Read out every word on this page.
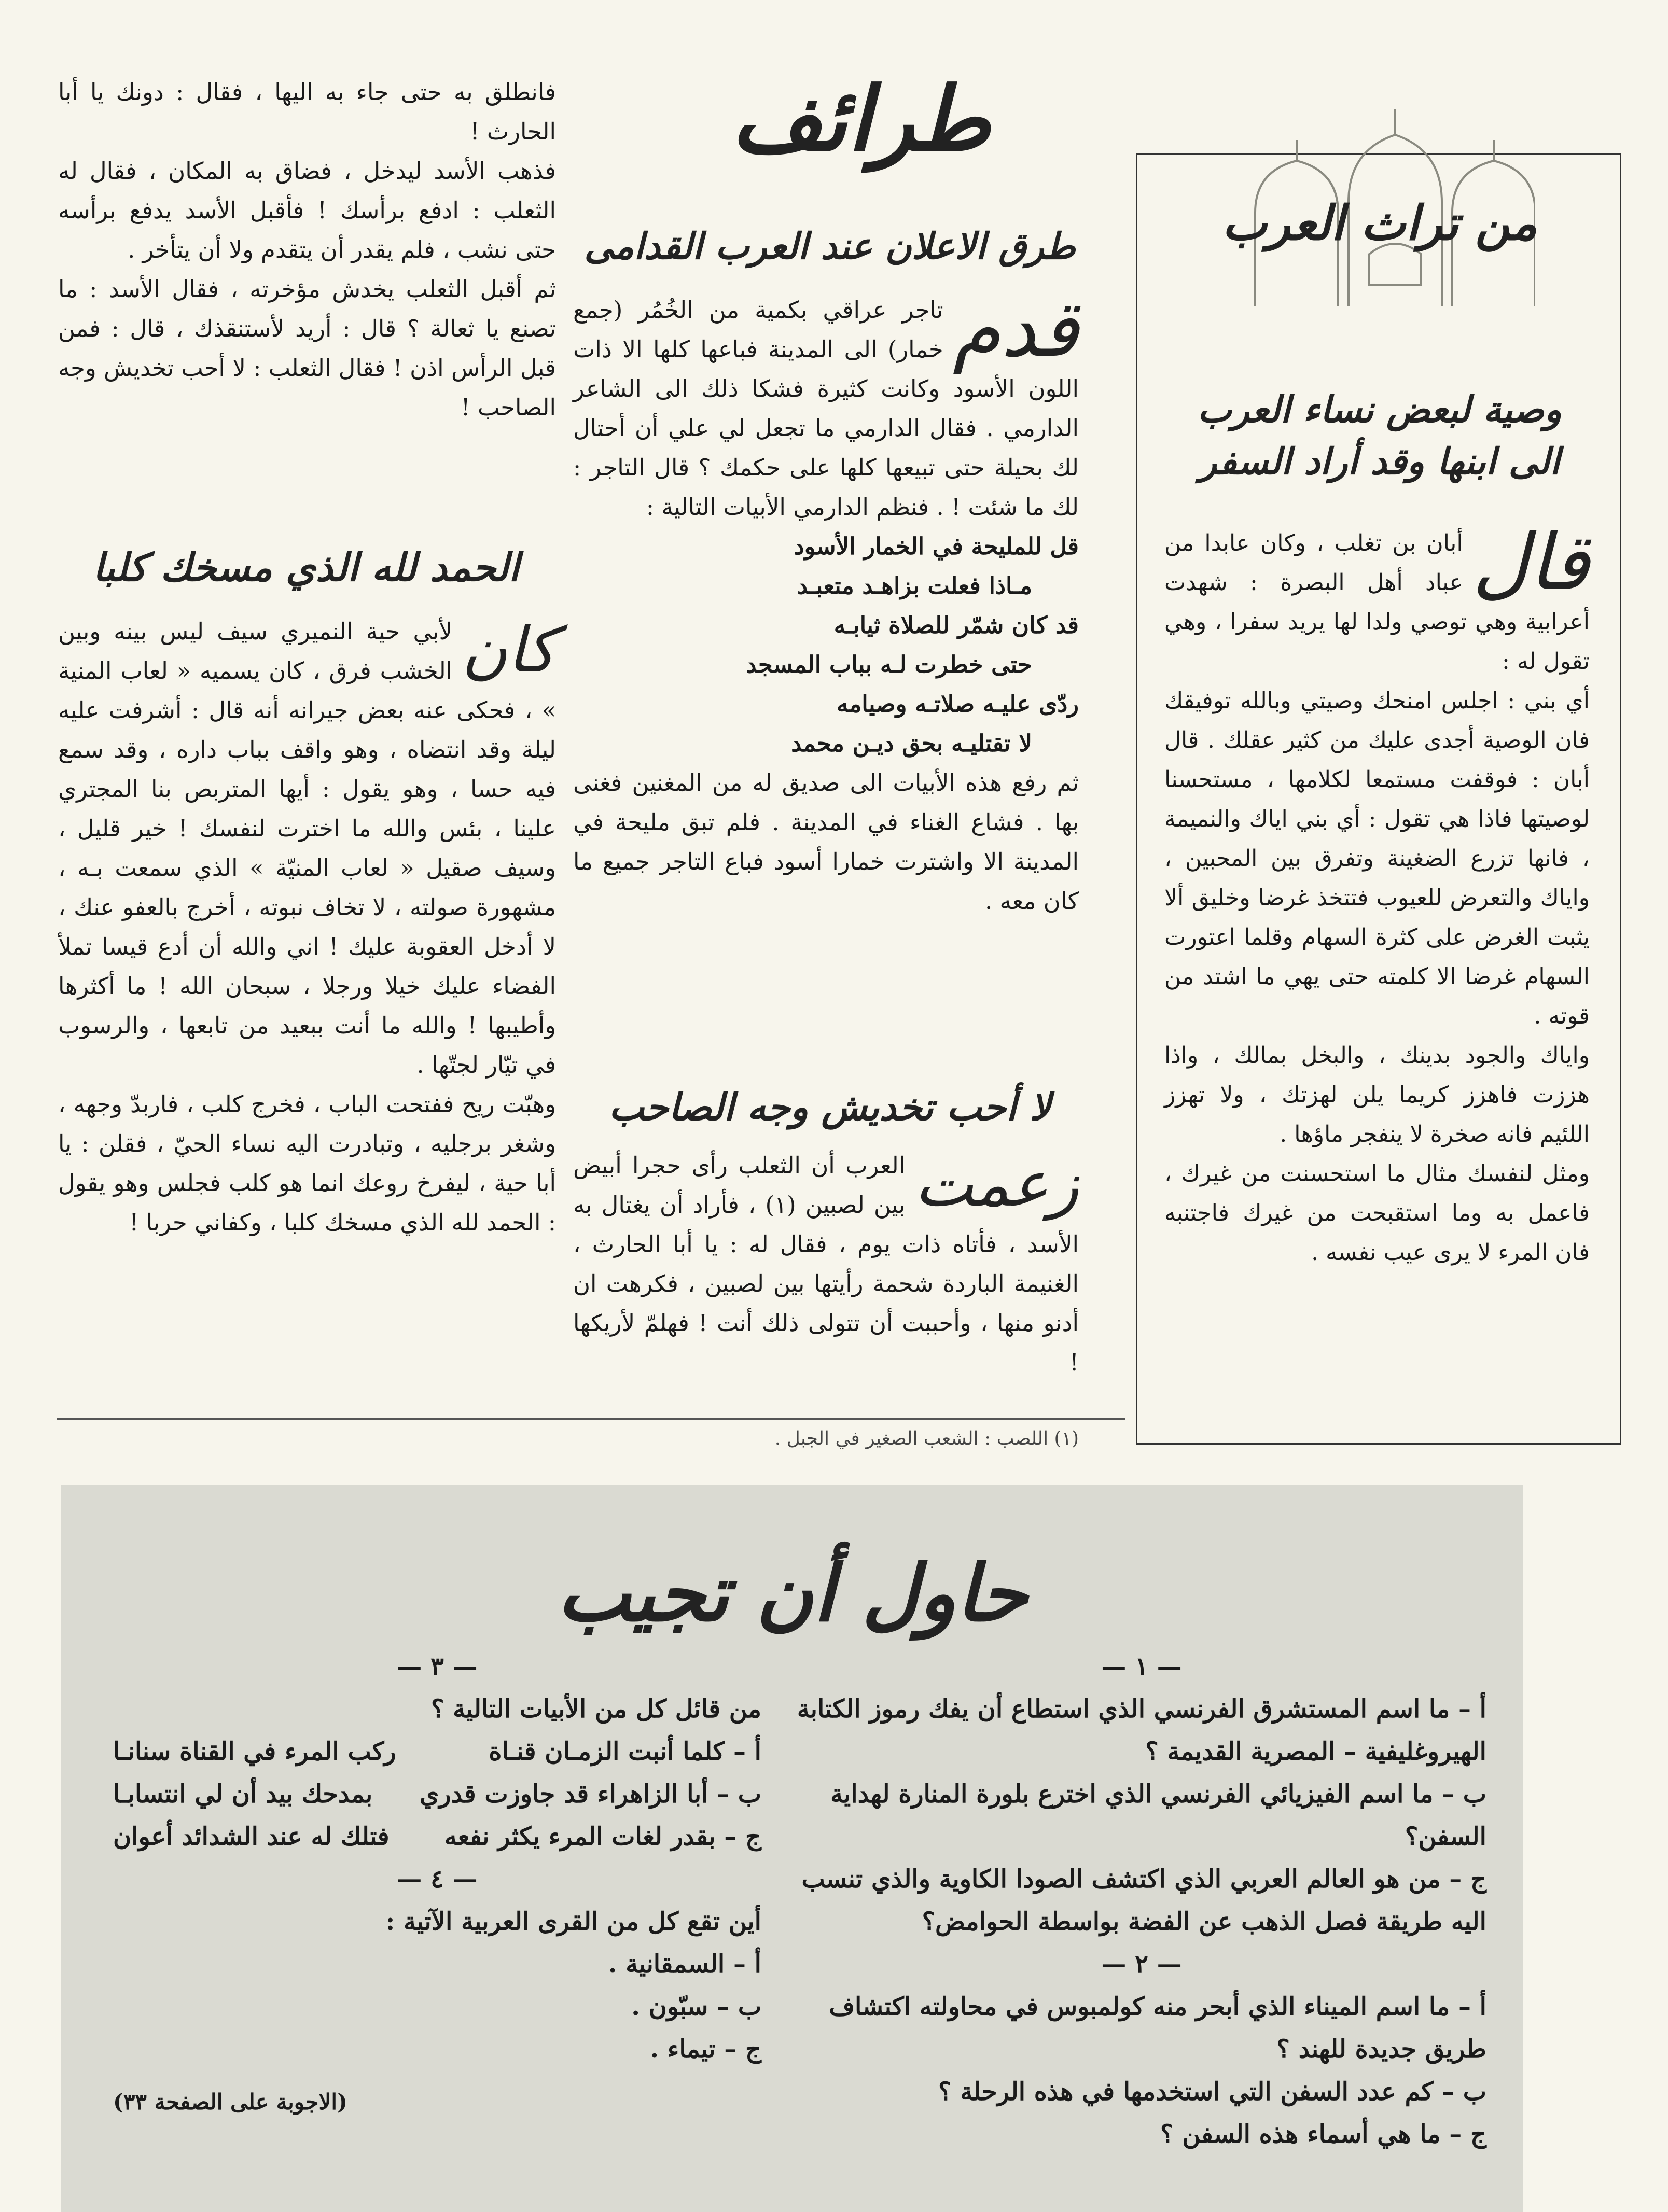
من تراث العرب
وصية لبعض نساء العرب
الى ابنها وقد أراد السفر
قال

أبان بن تغلب ، وكان عابدا من عباد أهل البصرة : شهدت أعرابية وهي توصي ولدا لها يريد سفرا ، وهي تقول له :

أي بني : اجلس امنحك وصيتي وبالله توفيقك فان الوصية أجدى عليك من كثير عقلك . قال أبان : فوقفت مستمعا لكلامها ، مستحسنا لوصيتها فاذا هي تقول : أي بني اياك والنميمة ، فانها تزرع الضغينة وتفرق بين المحبين ، واياك والتعرض للعيوب فتتخذ غرضا وخليق ألا يثبت الغرض على كثرة السهام وقلما اعتورت السهام غرضا الا كلمته حتى يهي ما اشتد من قوته .

واياك والجود بدينك ، والبخل بمالك ، واذا هززت فاهزز كريما يلن لهزتك ، ولا تهزز اللئيم فانه صخرة لا ينفجر ماؤها .

ومثل لنفسك مثال ما استحسنت من غيرك ، فاعمل به وما استقبحت من غيرك فاجتنبه فان المرء لا يرى عيب نفسه .

طرائف
طرق الاعلان عند العرب القدامى
قدم

تاجر عراقي بكمية من الخُمُر (جمع خمار) الى المدينة فباعها كلها الا ذات اللون الأسود وكانت كثيرة فشكا ذلك الى الشاعر الدارمي . فقال الدارمي ما تجعل لي علي أن أحتال لك بحيلة حتى تبيعها كلها على حكمك ؟ قال التاجر : لك ما شئت ! . فنظم الدارمي الأبيات التالية :

قل للمليحة في الخمار الأسود

مـاذا فعلت بزاهـد متعبـد

قد كان شمّر للصلاة ثيابـه

حتى خطرت لـه بباب المسجد

ردّى عليـه صلاتـه وصيامه

لا تقتليـه بحق ديـن محمد

ثم رفع هذه الأبيات الى صديق له من المغنين فغنى بها . فشاع الغناء في المدينة . فلم تبق مليحة في المدينة الا واشترت خمارا أسود فباع التاجر جميع ما كان معه .

لا أحب تخديش وجه الصاحب
زعمت

العرب أن الثعلب رأى حجرا أبيض بين لصبين (١) ، فأراد أن يغتال به الأسد ، فأتاه ذات يوم ، فقال له : يا أبا الحارث ، الغنيمة الباردة شحمة رأيتها بين لصبين ، فكرهت ان أدنو منها ، وأحببت أن تتولى ذلك أنت ! فهلمّ لأريكها !

(١) اللصب : الشعب الصغير في الجبل .

فانطلق به حتى جاء به اليها ، فقال : دونك يا أبا الحارث !

فذهب الأسد ليدخل ، فضاق به المكان ، فقال له الثعلب : ادفع برأسك ! فأقبل الأسد يدفع برأسه حتى نشب ، فلم يقدر أن يتقدم ولا أن يتأخر .

ثم أقبل الثعلب يخدش مؤخرته ، فقال الأسد : ما تصنع يا ثعالة ؟ قال : أريد لأستنقذك ، قال : فمن قبل الرأس اذن ! فقال الثعلب : لا أحب تخديش وجه الصاحب !

الحمد لله الذي مسخك كلبا
كان

لأبي حية النميري سيف ليس بينه وبين الخشب فرق ، كان يسميه « لعاب المنية » ، فحكى عنه بعض جيرانه أنه قال : أشرفت عليه ليلة وقد انتضاه ، وهو واقف بباب داره ، وقد سمع فيه حسا ، وهو يقول : أيها المتربص بنا المجتري علينا ، بئس والله ما اخترت لنفسك ! خير قليل ، وسيف صقيل « لعاب المنيّة » الذي سمعت بـه ، مشهورة صولته ، لا تخاف نبوته ، أخرج بالعفو عنك ، لا أدخل العقوبة عليك ! اني والله أن أدع قيسا تملأ الفضاء عليك خيلا ورجلا ، سبحان الله ! ما أكثرها وأطيبها ! والله ما أنت ببعيد من تابعها ، والرسوب في تيّار لجتّها .

وهبّت ريح ففتحت الباب ، فخرج كلب ، فاربدّ وجهه ، وشغر برجليه ، وتبادرت اليه نساء الحيّ ، فقلن : يا أبا حية ، ليفرخ روعك انما هو كلب فجلس وهو يقول : الحمد لله الذي مسخك كلبا ، وكفاني حربا !

حاول أن تجيب
— ١ —
أ – ما اسم المستشرق الفرنسي الذي استطاع أن يفك رموز الكتابة الهيروغليفية – المصرية القديمة ؟
ب – ما اسم الفيزيائي الفرنسي الذي اخترع بلورة المنارة لهداية السفن؟
ج – من هو العالم العربي الذي اكتشف الصودا الكاوية والذي تنسب اليه طريقة فصل الذهب عن الفضة بواسطة الحوامض؟
— ٢ —
أ – ما اسم الميناء الذي أبحر منه كولمبوس في محاولته اكتشاف طريق جديدة للهند ؟
ب – كم عدد السفن التي استخدمها في هذه الرحلة ؟
ج – ما هي أسماء هذه السفن ؟
— ٣ —
من قائل كل من الأبيات التالية ؟
أ – كلما أنبت الزمـان قنـاة
ركب المرء في القناة سنانـا
ب – أبا الزاهراء قد جاوزت قدري
بمدحك بيد أن لي انتسابـا
ج – بقدر لغات المرء يكثر نفعه
فتلك له عند الشدائد أعوان
— ٤ —
أين تقع كل من القرى العربية الآتية :
أ – السمقانية .
ب – سبّون .
ج – تيماء .
(الاجوبة على الصفحة ٣٣)
